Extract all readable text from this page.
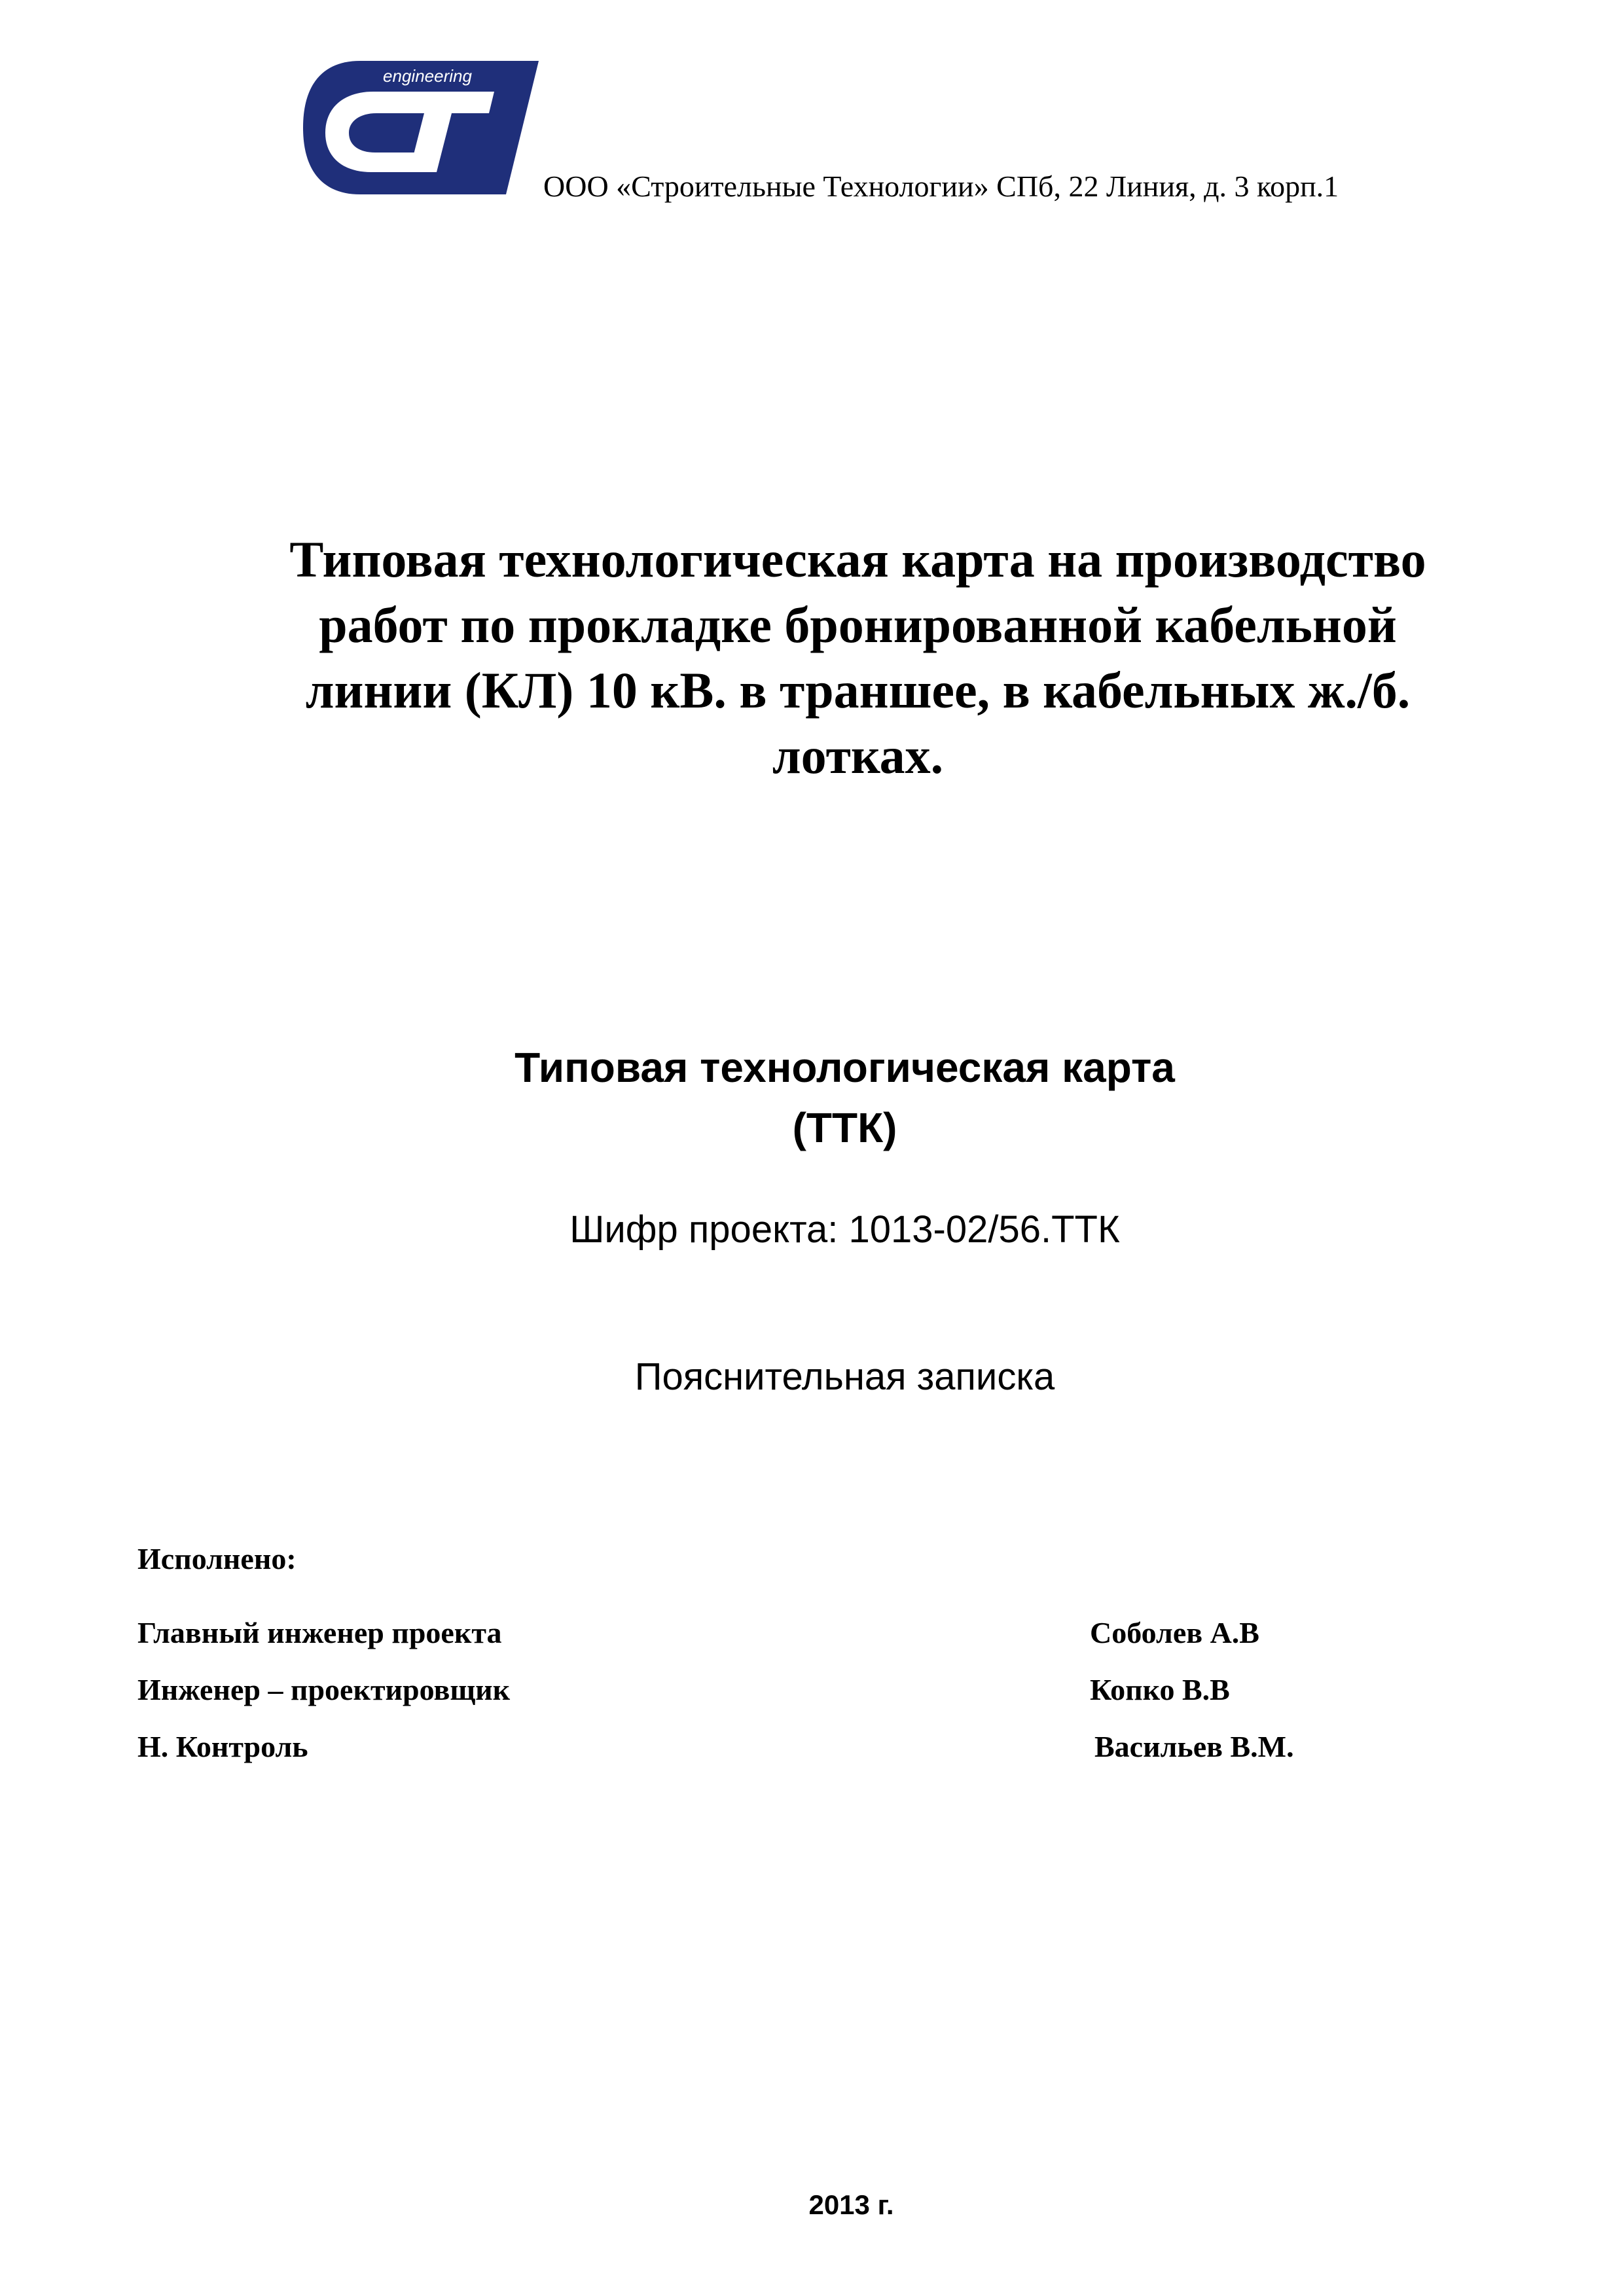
engineering
ООО «Строительные Технологии» СПб, 22 Линия, д. 3 корп.1
Типовая технологическая карта на производство
работ по прокладке бронированной кабельной
линии (КЛ) 10 кВ. в траншее, в кабельных ж./б.
лотках.
Типовая технологическая карта
(ТТК)
Шифр проекта: 1013-02/56.ТТК
Пояснительная записка
Исполнено:
Главный инженер проекта	Соболев А.В
Инженер – проектировщик	Копко В.В
Н. Контроль	Васильев В.М.
2013 г.
